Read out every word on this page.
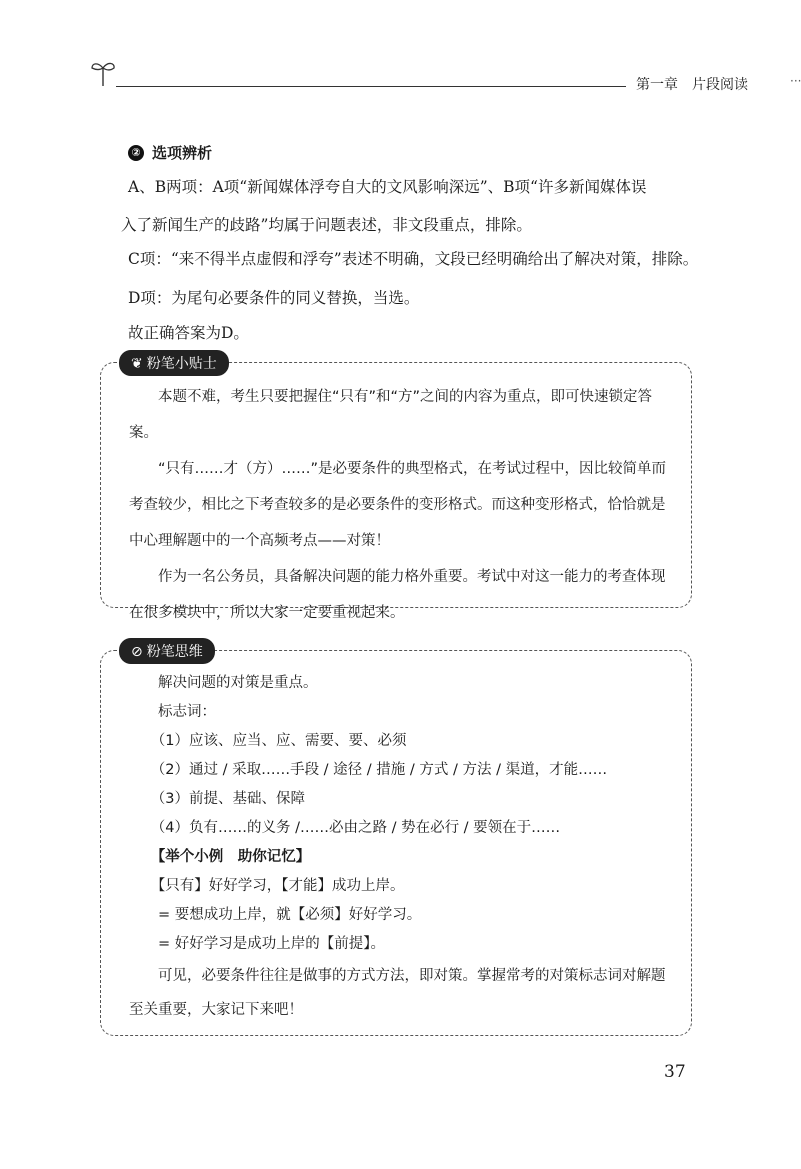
第一章　片段阅读	···
② 选项辨析
A、B两项：A项“新闻媒体浮夸自大的文风影响深远”、B项“许多新闻媒体误
入了新闻生产的歧路”均属于问题表述，非文段重点，排除。
C项：“来不得半点虚假和浮夸”表述不明确，文段已经明确给出了解决对策，排除。
D项：为尾句必要条件的同义替换，当选。
故正确答案为D。
❦ 粉笔小贴士

本题不难，考生只要把握住“只有”和“方”之间的内容为重点，即可快速锁定答案。

“只有……才（方）……”是必要条件的典型格式，在考试过程中，因比较简单而考查较少，相比之下考查较多的是必要条件的变形格式。而这种变形格式，恰恰就是中心理解题中的一个高频考点——对策！

作为一名公务员，具备解决问题的能力格外重要。考试中对这一能力的考查体现在很多模块中，所以大家一定要重视起来。

⊘ 粉笔思维

解决问题的对策是重点。

标志词：

（1）应该、应当、应、需要、要、必须

（2）通过 / 采取……手段 / 途径 / 措施 / 方式 / 方法 / 渠道，才能……

（3）前提、基础、保障

（4）负有……的义务 /……必由之路 / 势在必行 / 要领在于……

【举个小例　助你记忆】

【只有】好好学习，【才能】成功上岸。

= 要想成功上岸，就【必须】好好学习。

= 好好学习是成功上岸的【前提】。

可见，必要条件往往是做事的方式方法，即对策。掌握常考的对策标志词对解题至关重要，大家记下来吧！

37
